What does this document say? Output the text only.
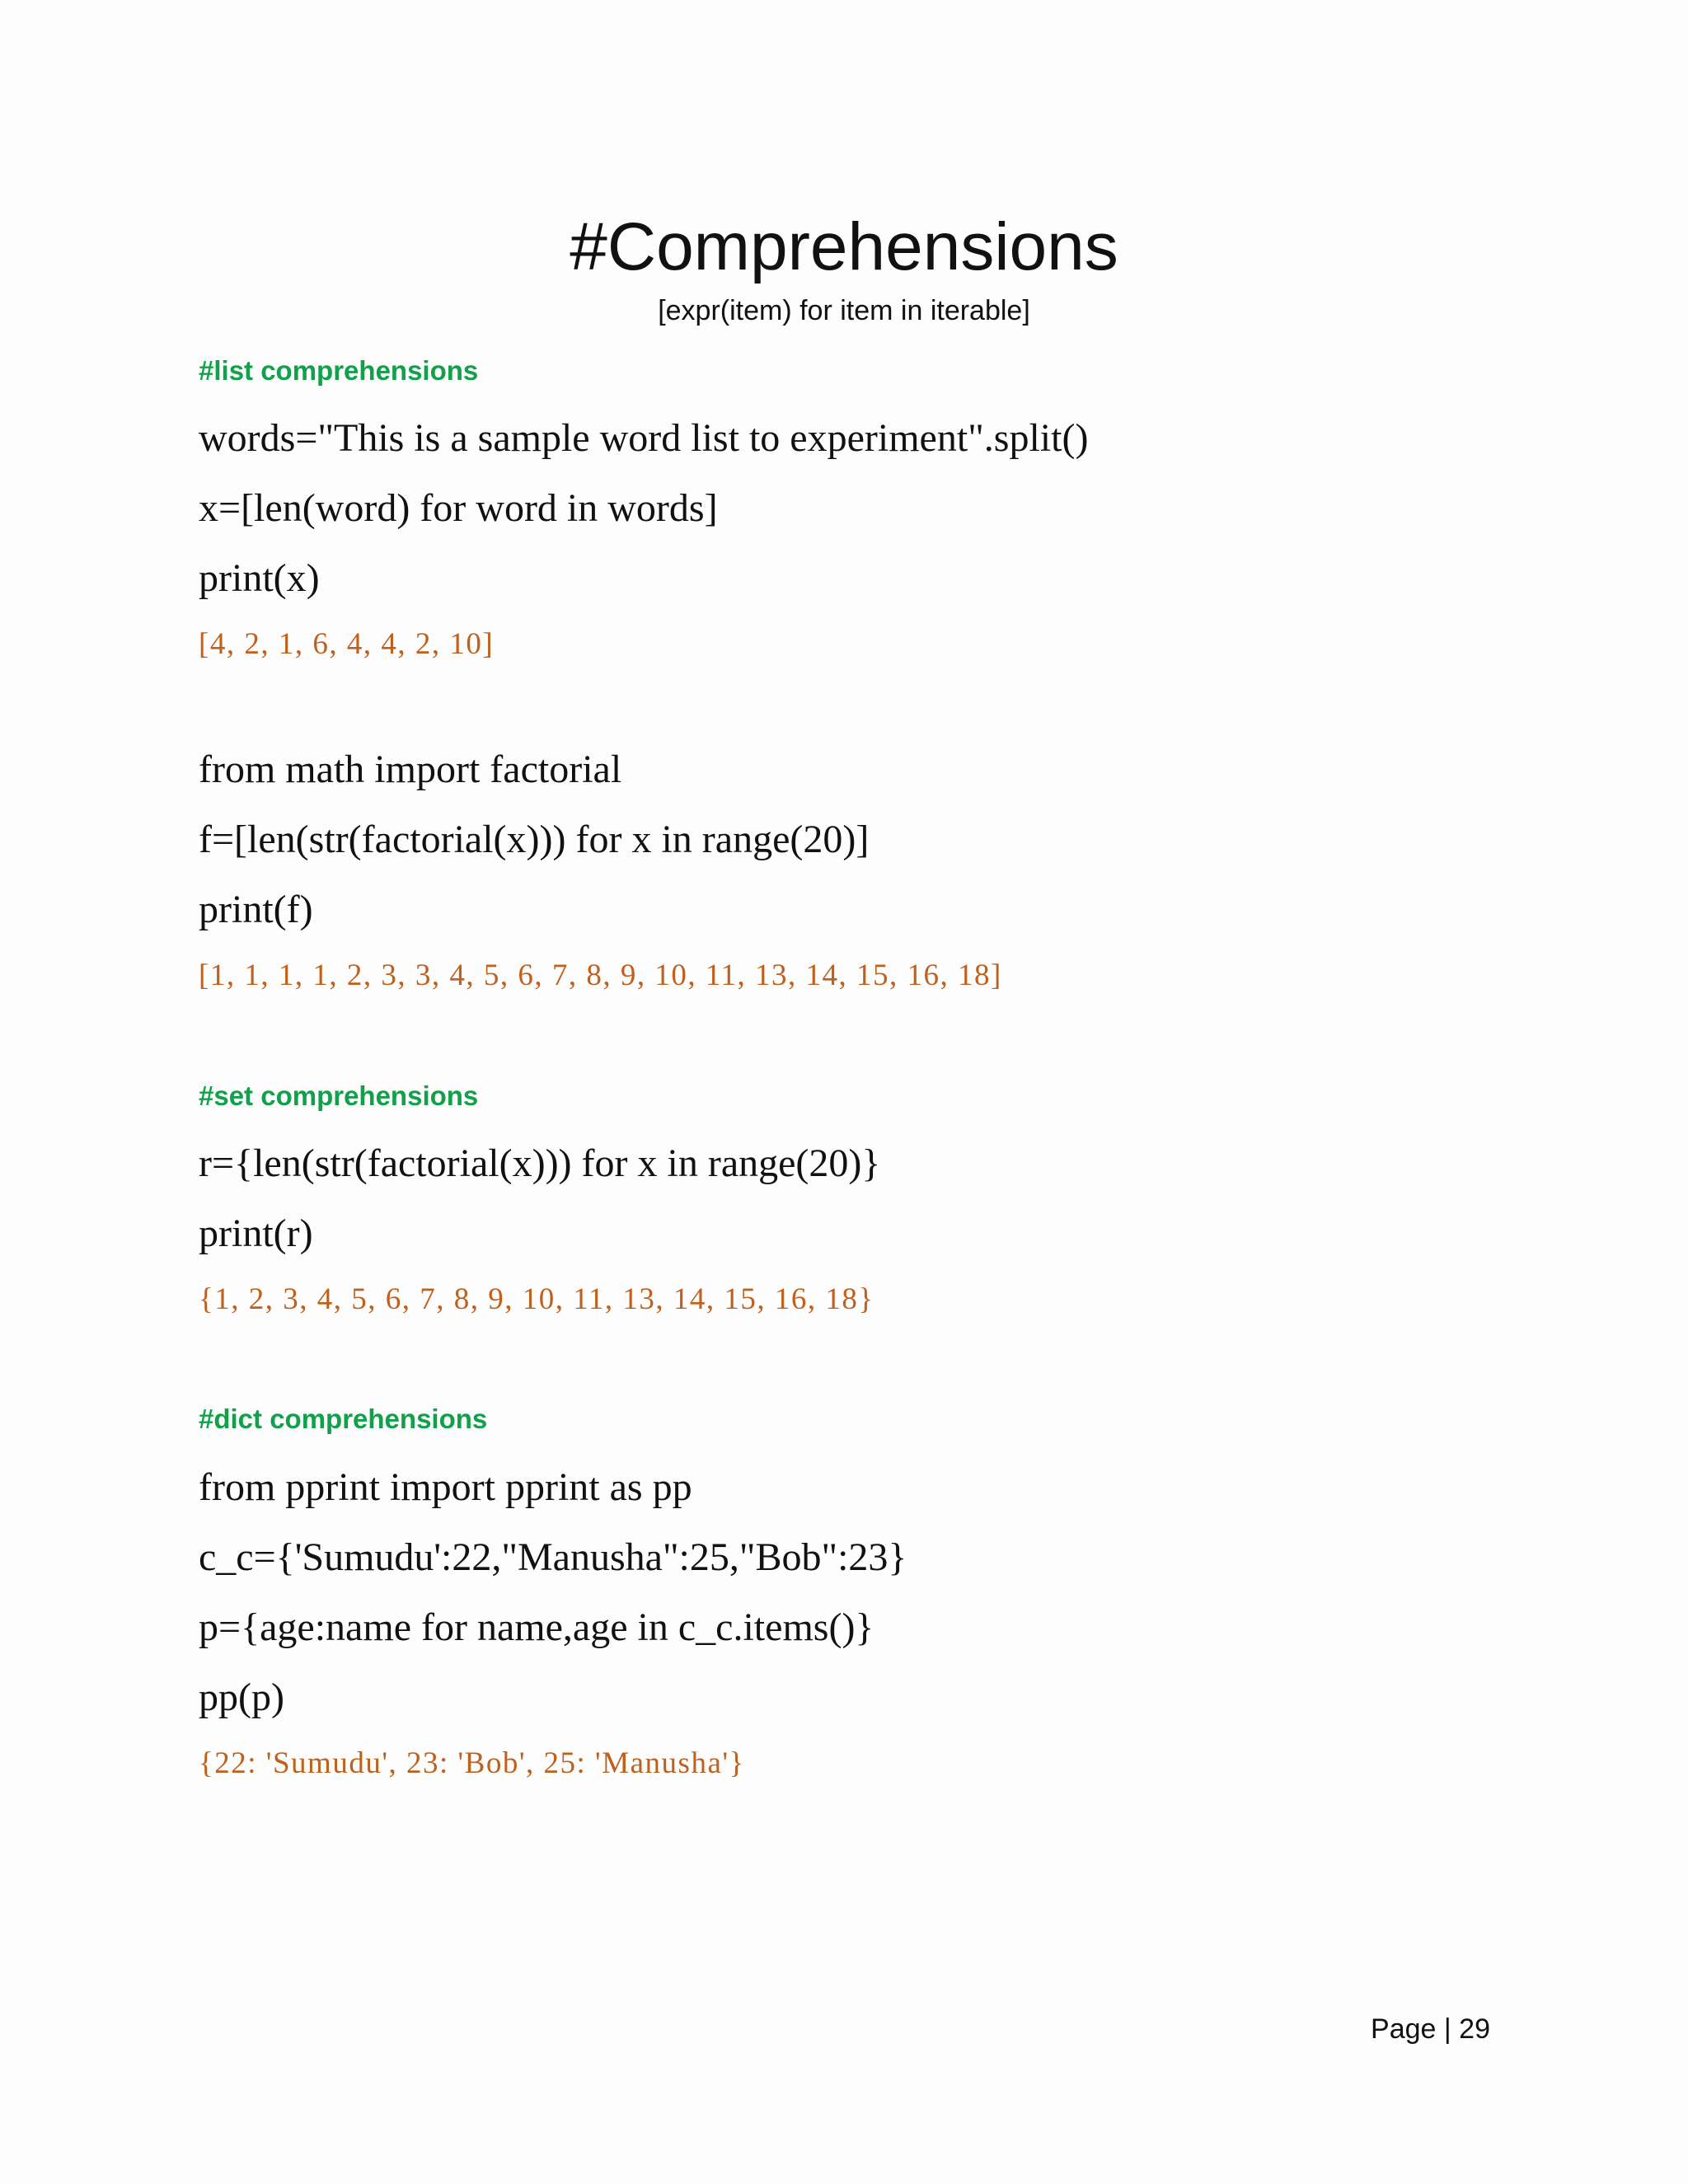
#Comprehensions
[expr(item) for item in iterable]
#list comprehensions
words="This is a sample word list to experiment".split()
x=[len(word) for word in words]
print(x)
[4, 2, 1, 6, 4, 4, 2, 10]
from math import factorial
f=[len(str(factorial(x))) for x in range(20)]
print(f)
[1, 1, 1, 1, 2, 3, 3, 4, 5, 6, 7, 8, 9, 10, 11, 13, 14, 15, 16, 18]
#set comprehensions
r={len(str(factorial(x))) for x in range(20)}
print(r)
{1, 2, 3, 4, 5, 6, 7, 8, 9, 10, 11, 13, 14, 15, 16, 18}
#dict comprehensions
from pprint import pprint as pp
c_c={'Sumudu':22,"Manusha":25,"Bob":23}
p={age:name for name,age in c_c.items()}
pp(p)
{22: 'Sumudu', 23: 'Bob', 25: 'Manusha'}
Page | 29
